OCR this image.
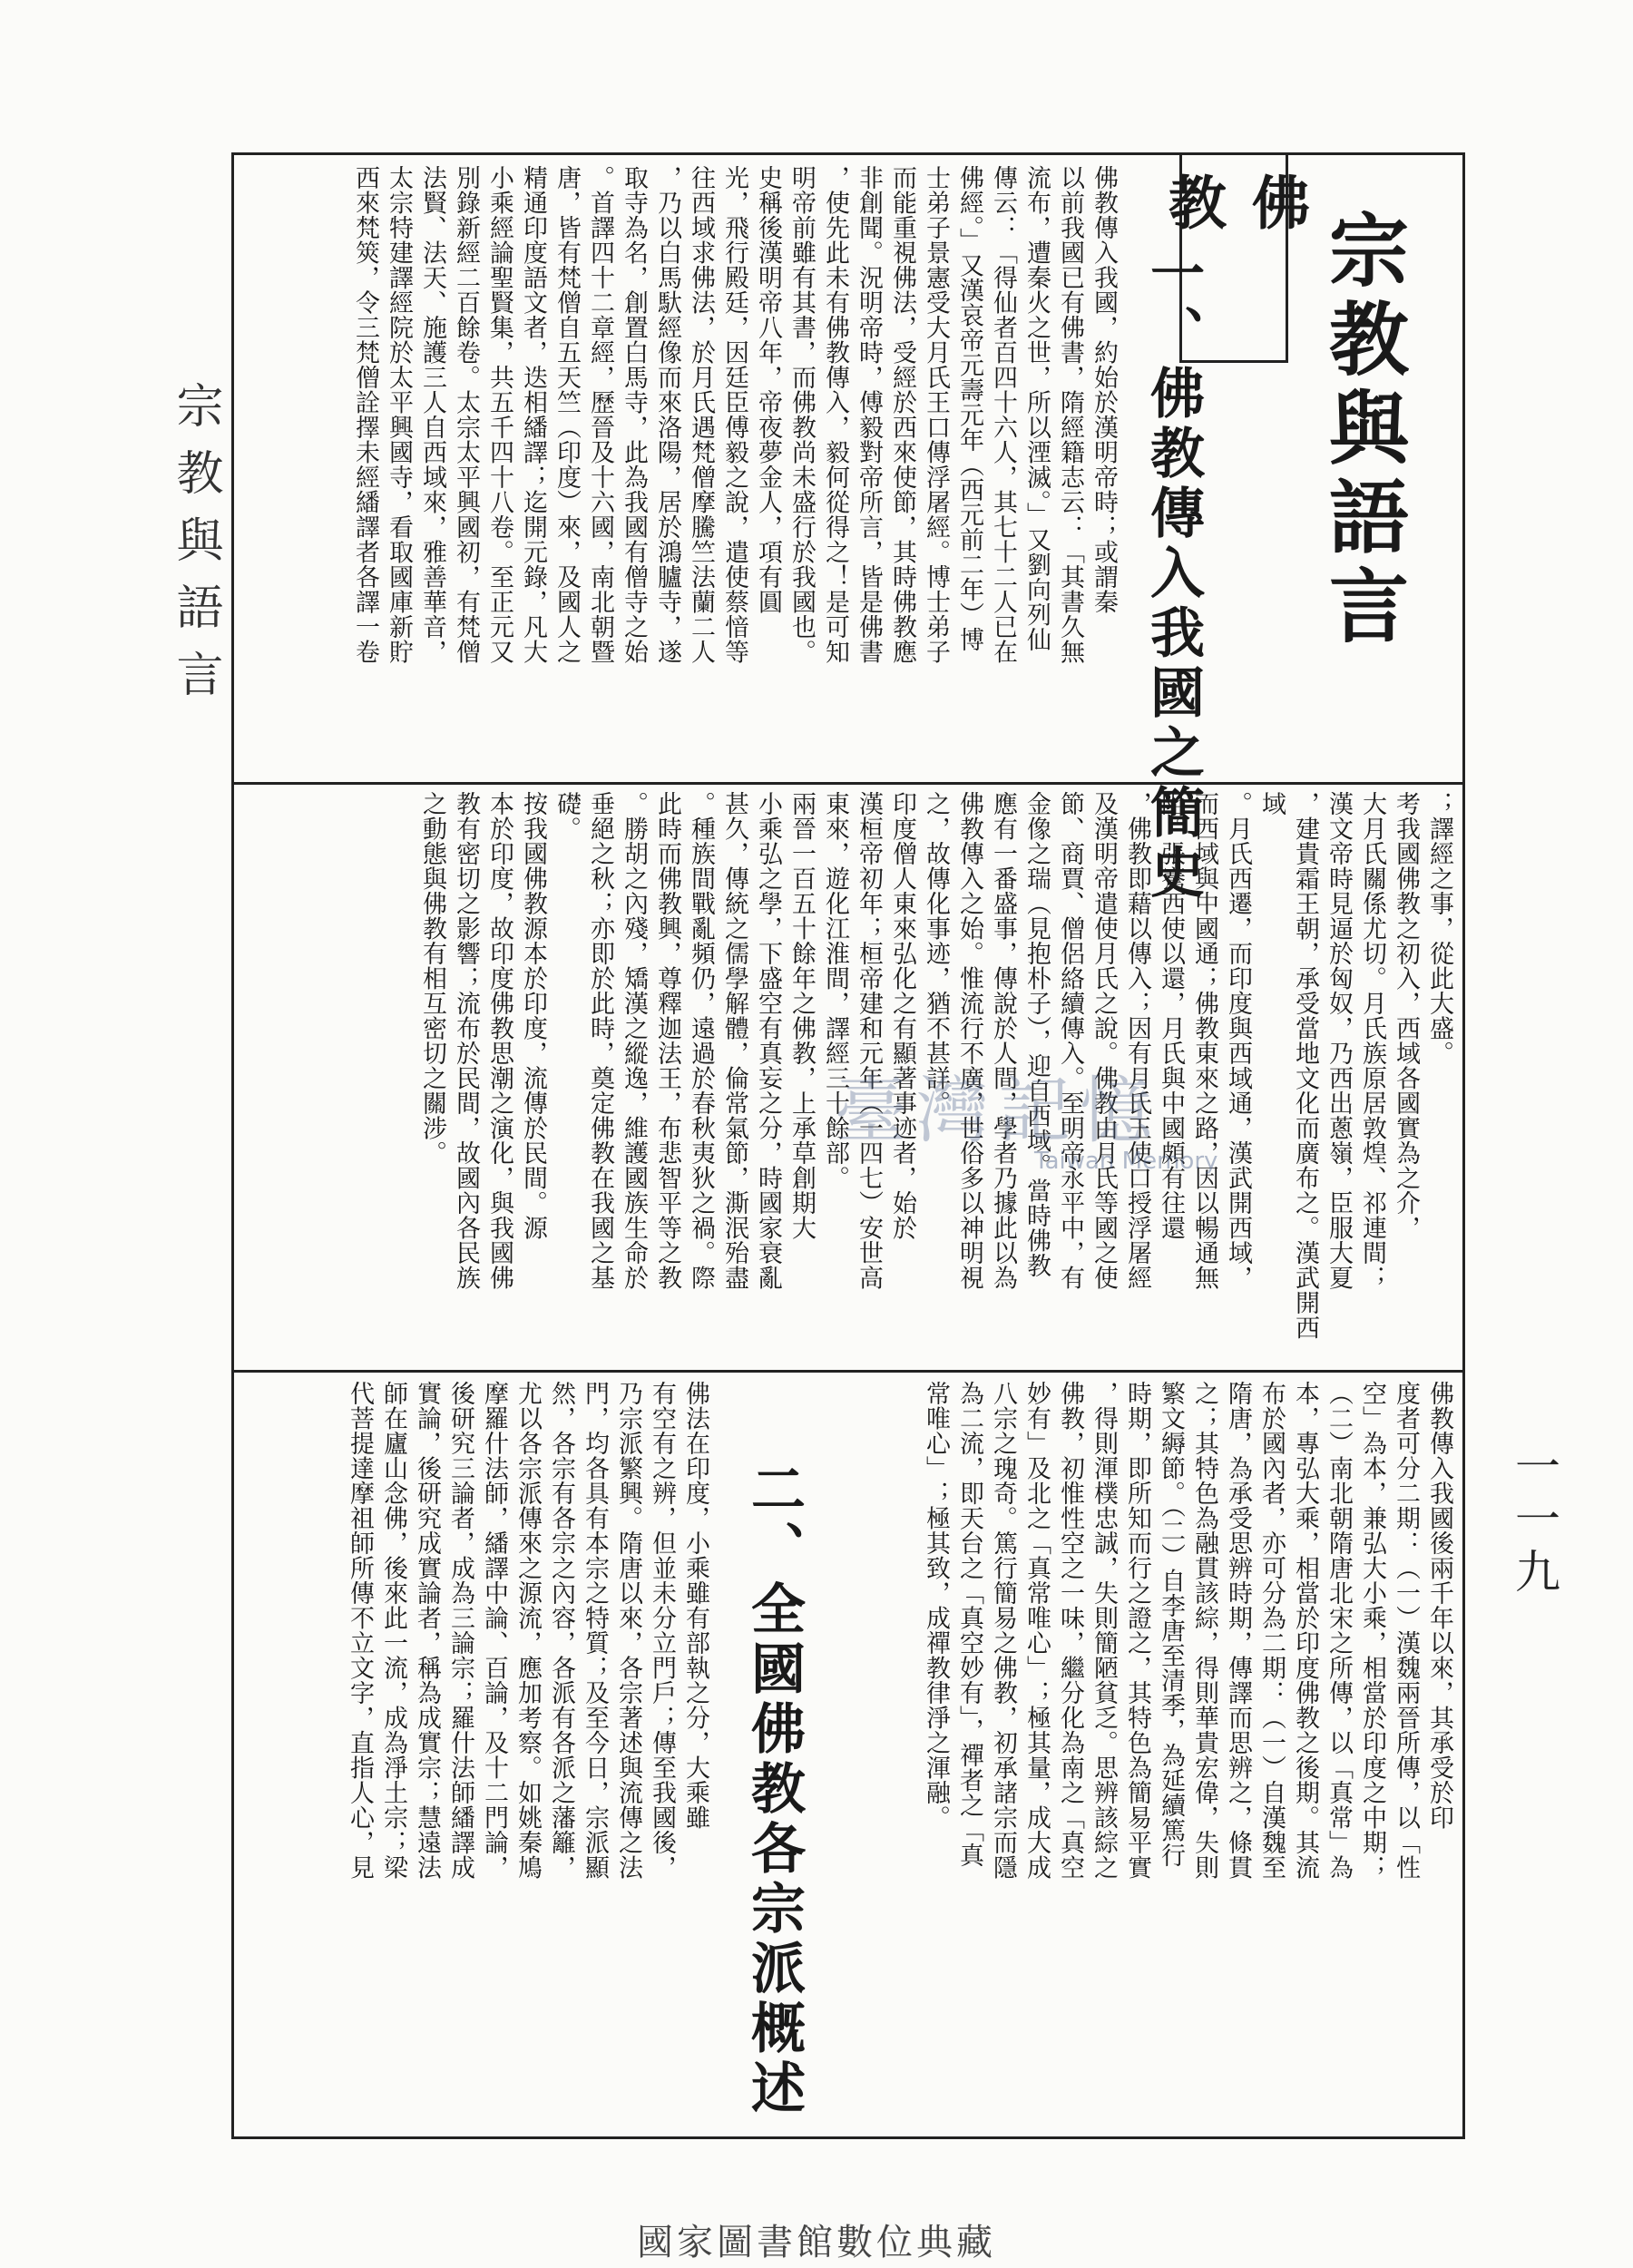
宗教與語言
一一九
宗教與語言
佛教
一、佛教傳入我國之簡史
二、全國佛教各宗派概述
佛教傳入我國，約始於漢明帝時；或謂秦
以前我國已有佛書，隋經籍志云：「其書久無
流布，遭秦火之世，所以湮滅。」又劉向列仙
傳云：「得仙者百四十六人，其七十二人已在
佛經。」又漢哀帝元壽元年（西元前二年）博
士弟子景憲受大月氏王口傳浮屠經。博士弟子
而能重視佛法，受經於西來使節，其時佛教應
非創聞。況明帝時，傅毅對帝所言，皆是佛書
，使先此未有佛教傳入，毅何從得之！是可知
明帝前雖有其書，而佛教尚未盛行於我國也。
史稱後漢明帝八年，帝夜夢金人，項有圓
光，飛行殿廷，因廷臣傅毅之說，遣使蔡愔等
往西域求佛法，於月氏遇梵僧摩騰竺法蘭二人
，乃以白馬馱經像而來洛陽，居於鴻臚寺，遂
取寺為名，創置白馬寺，此為我國有僧寺之始
。首譯四十二章經，歷晉及十六國，南北朝暨
唐，皆有梵僧自五天竺（印度）來，及國人之
精通印度語文者，迭相繙譯；迄開元錄，凡大
小乘經論聖賢集，共五千四十八卷。至正元又
別錄新經二百餘卷。太宗太平興國初，有梵僧
法賢、法天、施護三人自西域來，雅善華音，
太宗特建譯經院於太平興國寺，看取國庫新貯
西來梵筴，令三梵僧詮擇未經繙譯者各譯一卷
；譯經之事，從此大盛。
考我國佛教之初入，西域各國實為之介，
大月氏關係尤切。月氏族原居敦煌、祁連間；
漢文帝時見逼於匈奴，乃西出蔥嶺，臣服大夏
，建貴霜王朝，承受當地文化而廣布之。漢武開西域
。月氏西遷，而印度與西域通，漢武開西域，
而西域與中國通；佛教東來之路，因以暢通無
阻。張騫西使以還，月氏與中國頗有往還
，佛教即藉以傳入；因有月氏王使口授浮屠經
及漢明帝遣使月氏之說。佛教由月氏等國之使
節、商賈、僧侶絡續傳入。至明帝永平中，有
金像之瑞（見抱朴子），迎自西域。當時佛教
應有一番盛事，傳說於人間，學者乃據此以為
佛教傳入之始。惟流行不廣，世俗多以神明視
之，故傳化事迹，猶不甚詳。
印度僧人東來弘化之有顯著事迹者，始於
漢桓帝初年；桓帝建和元年（一四七）安世高
東來，遊化江淮間，譯經三十餘部。
兩晉一百五十餘年之佛教，上承草創期大
小乘弘之學，下盛空有真妄之分，時國家衰亂
甚久，傳統之儒學解體，倫常氣節，澌泯殆盡
。種族間戰亂頻仍，遠過於春秋夷狄之禍。際
此時而佛教興，尊釋迦法王，布悲智平等之教
。勝胡之內殘，矯漢之縱逸，維護國族生命於
垂絕之秋；亦即於此時，奠定佛教在我國之基
礎。
按我國佛教源本於印度，流傳於民間。源
本於印度，故印度佛教思潮之演化，與我國佛
教有密切之影響；流布於民間，故國內各民族
之動態與佛教有相互密切之關涉。
佛教傳入我國後兩千年以來，其承受於印
度者可分二期：（一）漢魏兩晉所傳，以「性
空」為本，兼弘大小乘，相當於印度之中期；
（二）南北朝隋唐北宋之所傳，以「真常」為
本，專弘大乘，相當於印度佛教之後期。其流
布於國內者，亦可分為二期：（一）自漢魏至
隋唐，為承受思辨時期，傳譯而思辨之，條貫
之；其特色為融貫該綜，得則華貴宏偉，失則
繁文縟節。（二）自李唐至清季，為延續篤行
時期，即所知而行之證之，其特色為簡易平實
，得則渾樸忠誠，失則簡陋貧乏。思辨該綜之
佛教，初惟性空之一味，繼分化為南之「真空
妙有」及北之「真常唯心」；極其量，成大成
八宗之瑰奇。篤行簡易之佛教，初承諸宗而隱
為二流，即天台之「真空妙有」，禪者之「真
常唯心」；極其致，成禪教律淨之渾融。
佛法在印度，小乘雖有部執之分，大乘雖
有空有之辨，但並未分立門戶；傳至我國後，
乃宗派繁興。隋唐以來，各宗著述與流傳之法
門，均各具有本宗之特質；及至今日，宗派顯
然，各宗有各宗之內容，各派有各派之藩籬，
尤以各宗派傳來之源流，應加考察。如姚秦鳩
摩羅什法師，繙譯中論、百論，及十二門論，
後研究三論者，成為三論宗；羅什法師繙譯成
實論，後研究成實論者，稱為成實宗；慧遠法
師在廬山念佛，後來此一流，成為淨土宗；梁
代菩提達摩祖師所傳不立文字，直指人心，見
臺灣記憶
Taiwan Memory
國家圖書館數位典藏
